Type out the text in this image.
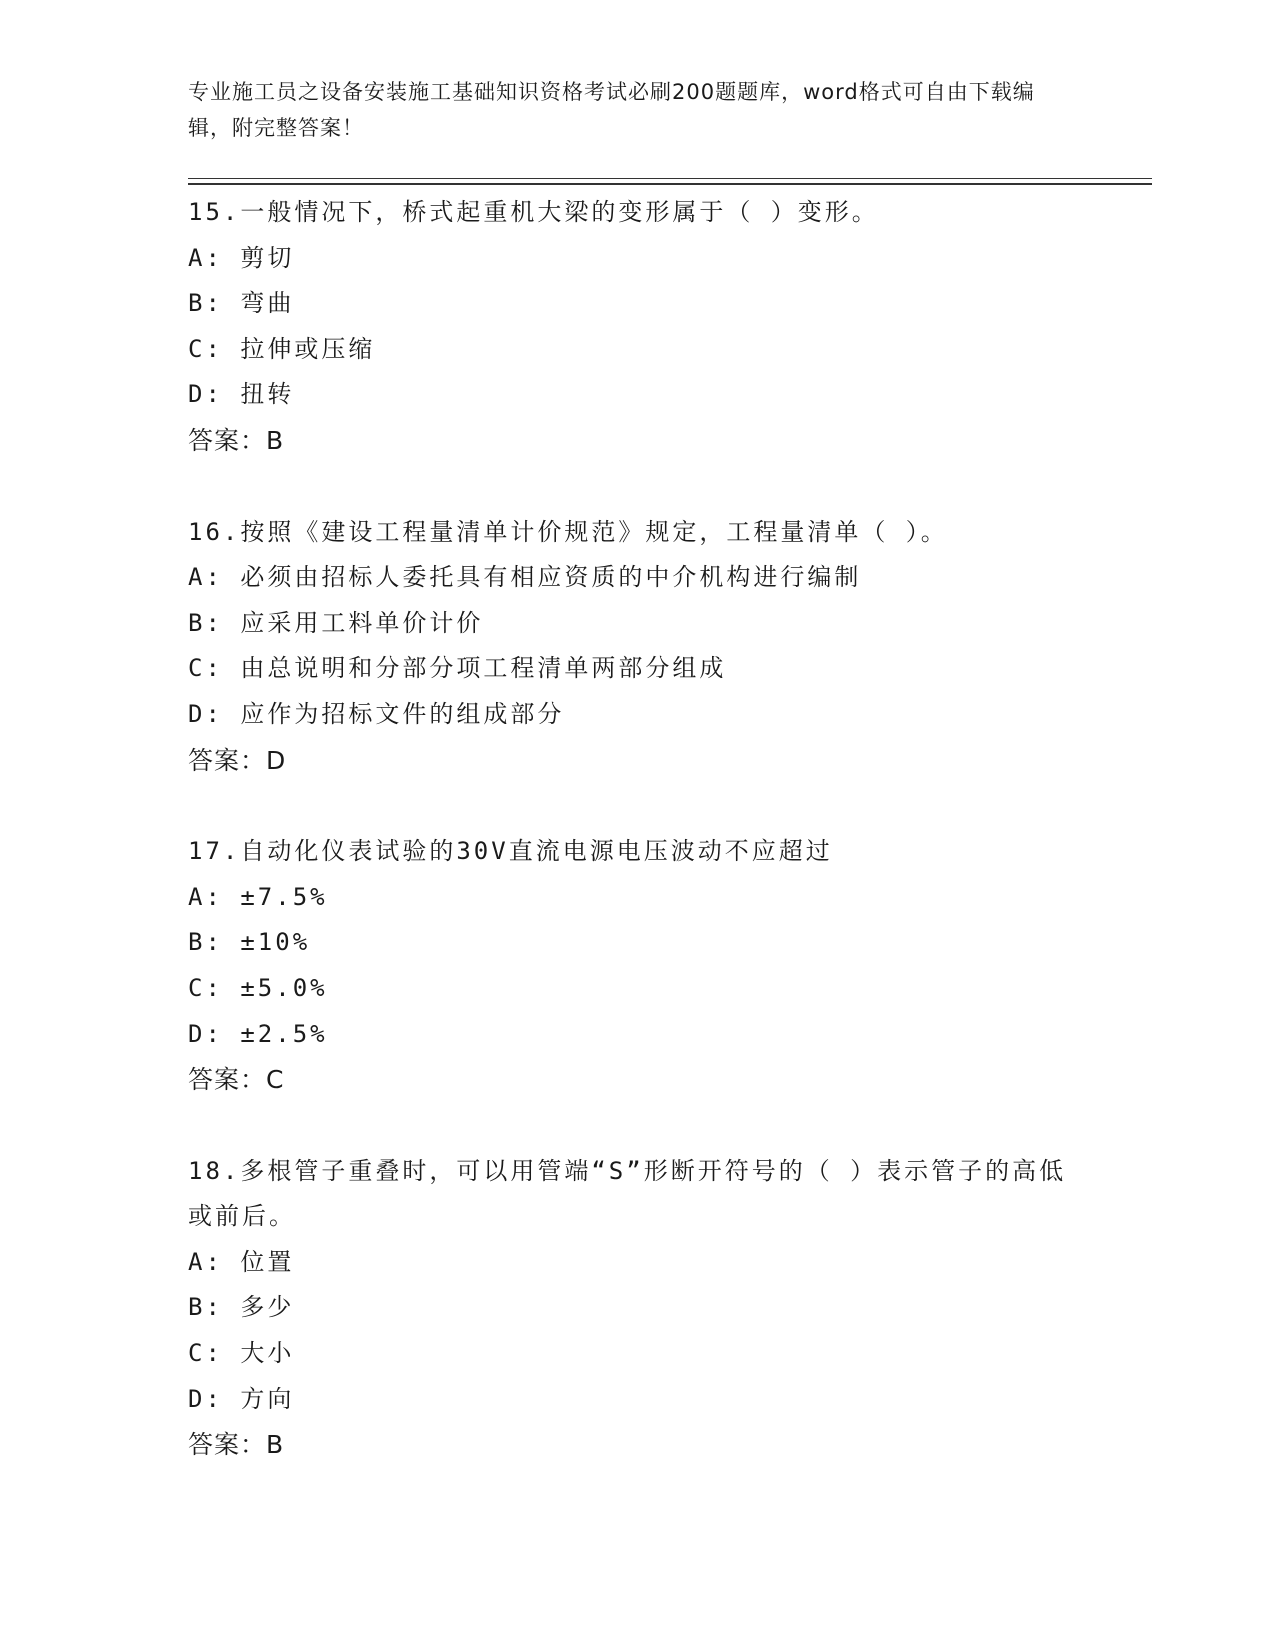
专业施工员之设备安装施工基础知识资格考试必刷200题题库，word格式可自由下载编辑，附完整答案！
15.一般情况下，桥式起重机大梁的变形属于（ ）变形。
A: 剪切
B: 弯曲
C: 拉伸或压缩
D: 扭转
答案：B
16.按照《建设工程量清单计价规范》规定，工程量清单（ ）。
A: 必须由招标人委托具有相应资质的中介机构进行编制
B: 应采用工料单价计价
C: 由总说明和分部分项工程清单两部分组成
D: 应作为招标文件的组成部分
答案：D
17.自动化仪表试验的30V直流电源电压波动不应超过
A: ±7.5%
B: ±10%
C: ±5.0%
D: ±2.5%
答案：C
18.多根管子重叠时，可以用管端“S”形断开符号的（ ）表示管子的高低或前后。
A: 位置
B: 多少
C: 大小
D: 方向
答案：B
